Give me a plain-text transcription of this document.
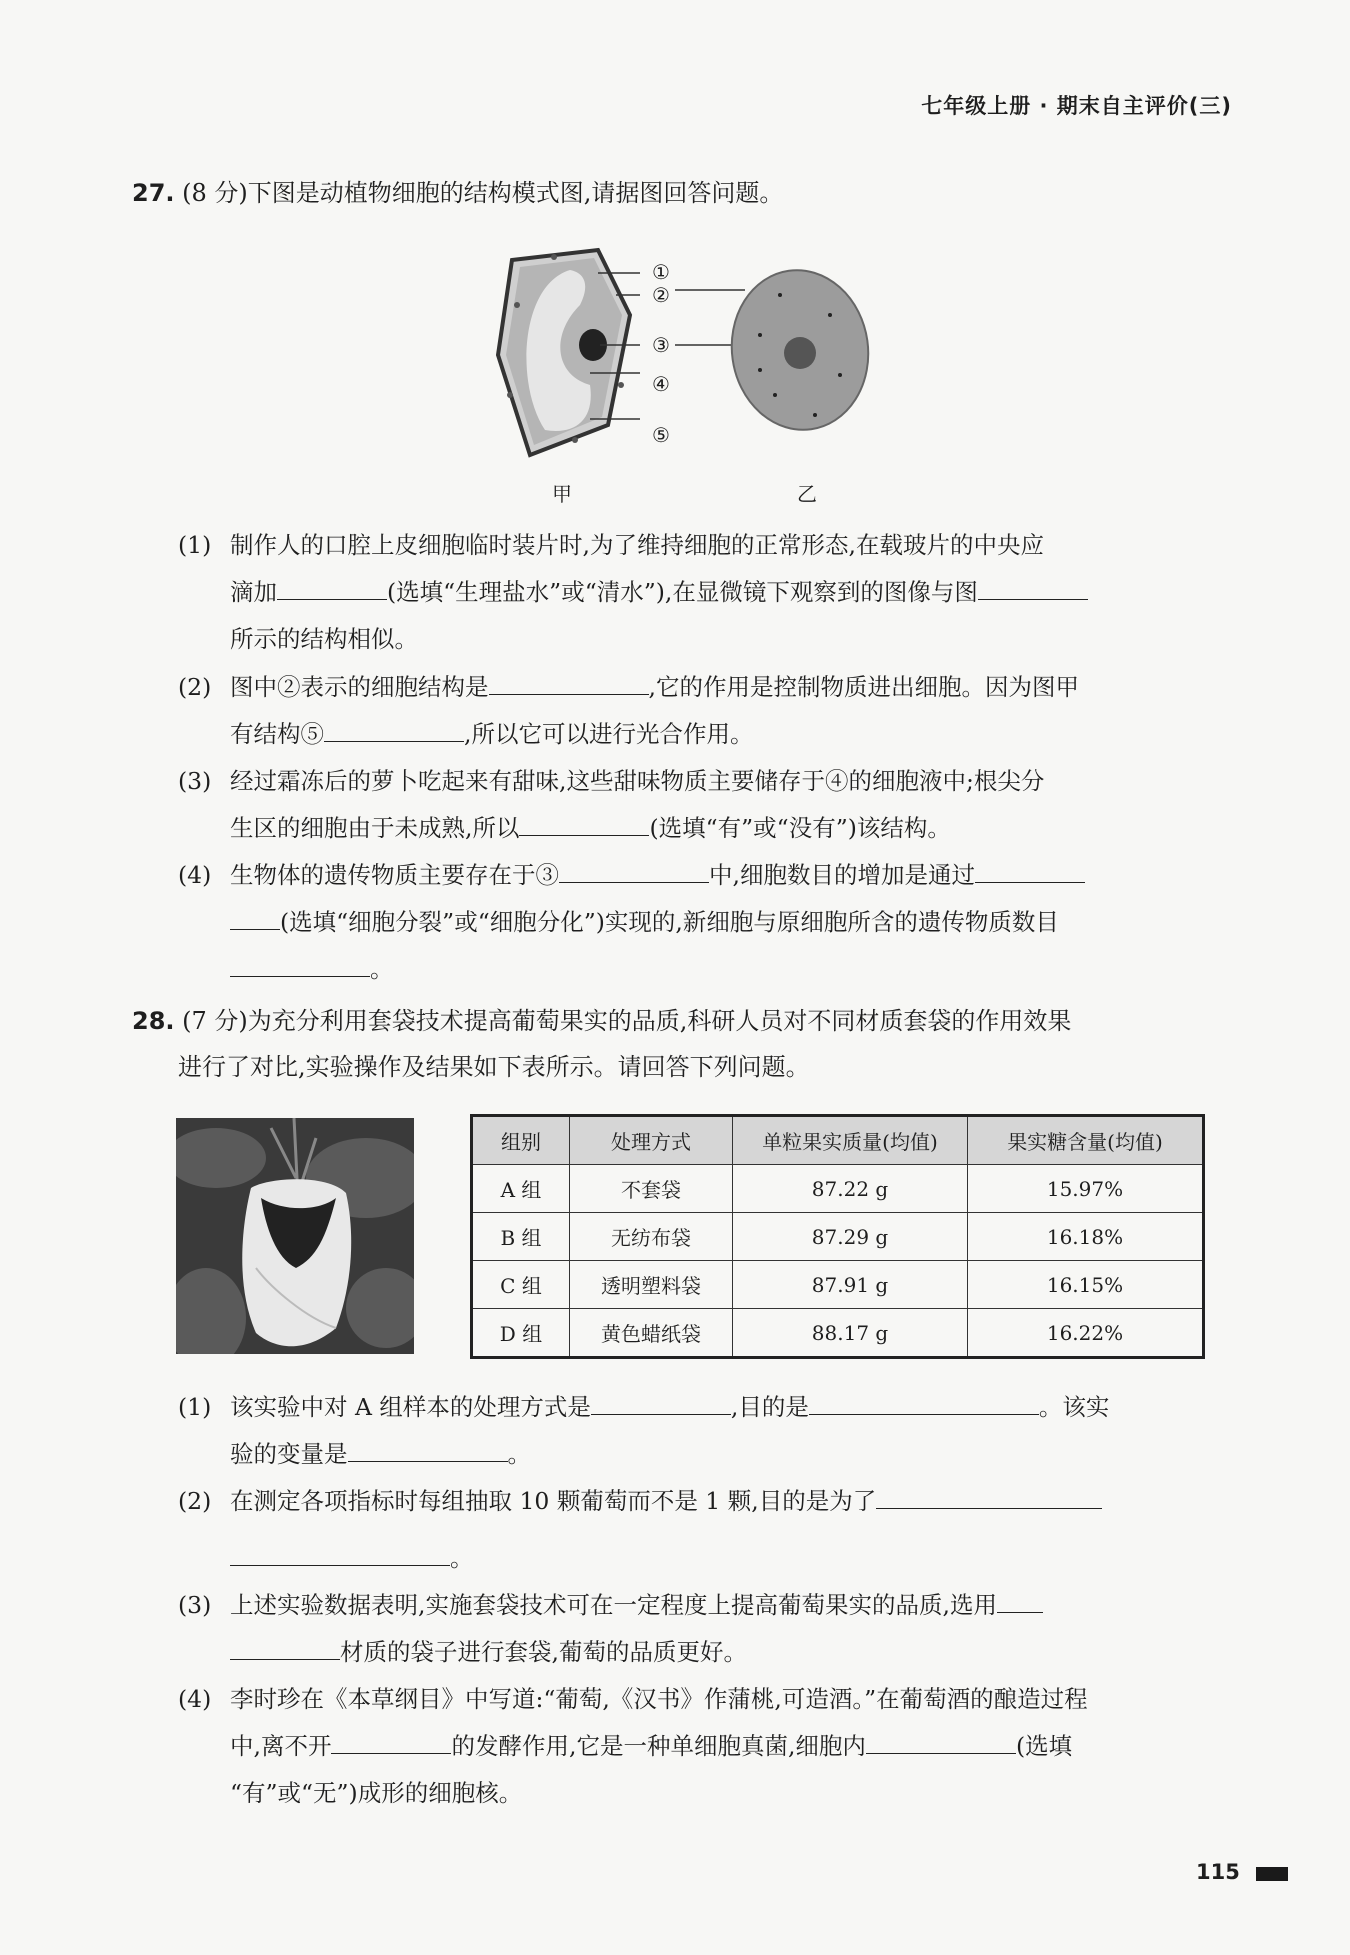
七年级上册 · 期末自主评价(三)
27. (8 分)下图是动植物细胞的结构模式图,请据图回答问题。
①
②
③
④
⑤
甲	乙
(1) 制作人的口腔上皮细胞临时装片时,为了维持细胞的正常形态,在载玻片的中央应
滴加	(选填“生理盐水”或“清水”),在显微镜下观察到的图像与图
所示的结构相似。
(2) 图中②表示的细胞结构是	,它的作用是控制物质进出细胞。因为图甲
有结构⑤	,所以它可以进行光合作用。
(3) 经过霜冻后的萝卜吃起来有甜味,这些甜味物质主要储存于④的细胞液中;根尖分
生区的细胞由于未成熟,所以	(选填“有”或“没有”)该结构。
(4) 生物体的遗传物质主要存在于③	中,细胞数目的增加是通过
(选填“细胞分裂”或“细胞分化”)实现的,新细胞与原细胞所含的遗传物质数目
。
28. (7 分)为充分利用套袋技术提高葡萄果实的品质,科研人员对不同材质套袋的作用效果
进行了对比,实验操作及结果如下表所示。请回答下列问题。
组别	处理方式	单粒果实质量(均值)	果实糖含量(均值)
A 组	不套袋	87.22 g	15.97%
B 组	无纺布袋	87.29 g	16.18%
C 组	透明塑料袋	87.91 g	16.15%
D 组	黄色蜡纸袋	88.17 g	16.22%
(1) 该实验中对 A 组样本的处理方式是	,目的是	。该实
验的变量是	。
(2) 在测定各项指标时每组抽取 10 颗葡萄而不是 1 颗,目的是为了
。
(3) 上述实验数据表明,实施套袋技术可在一定程度上提高葡萄果实的品质,选用
材质的袋子进行套袋,葡萄的品质更好。
(4) 李时珍在《本草纲目》中写道:“葡萄,《汉书》作蒲桃,可造酒。”在葡萄酒的酿造过程
中,离不开	的发酵作用,它是一种单细胞真菌,细胞内	(选填
“有”或“无”)成形的细胞核。
115
